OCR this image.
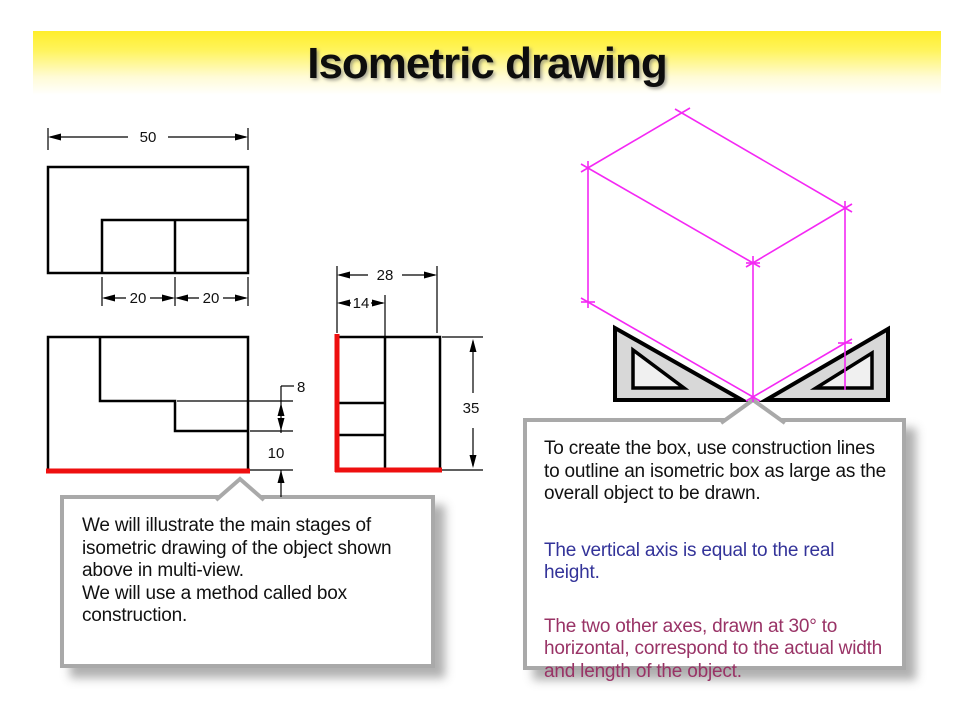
Isometric drawing

We will illustrate the main stages of isometric drawing of the object shown above in multi-view.

We will use a method called box construction.

To create the box, use construction lines to outline an isometric box as large as the overall object to be drawn.

The vertical axis is equal to the real height.

The two other axes, drawn at 30° to horizontal, correspond to the actual width and length of the object.

50
20	20
8
10
28
14
35
